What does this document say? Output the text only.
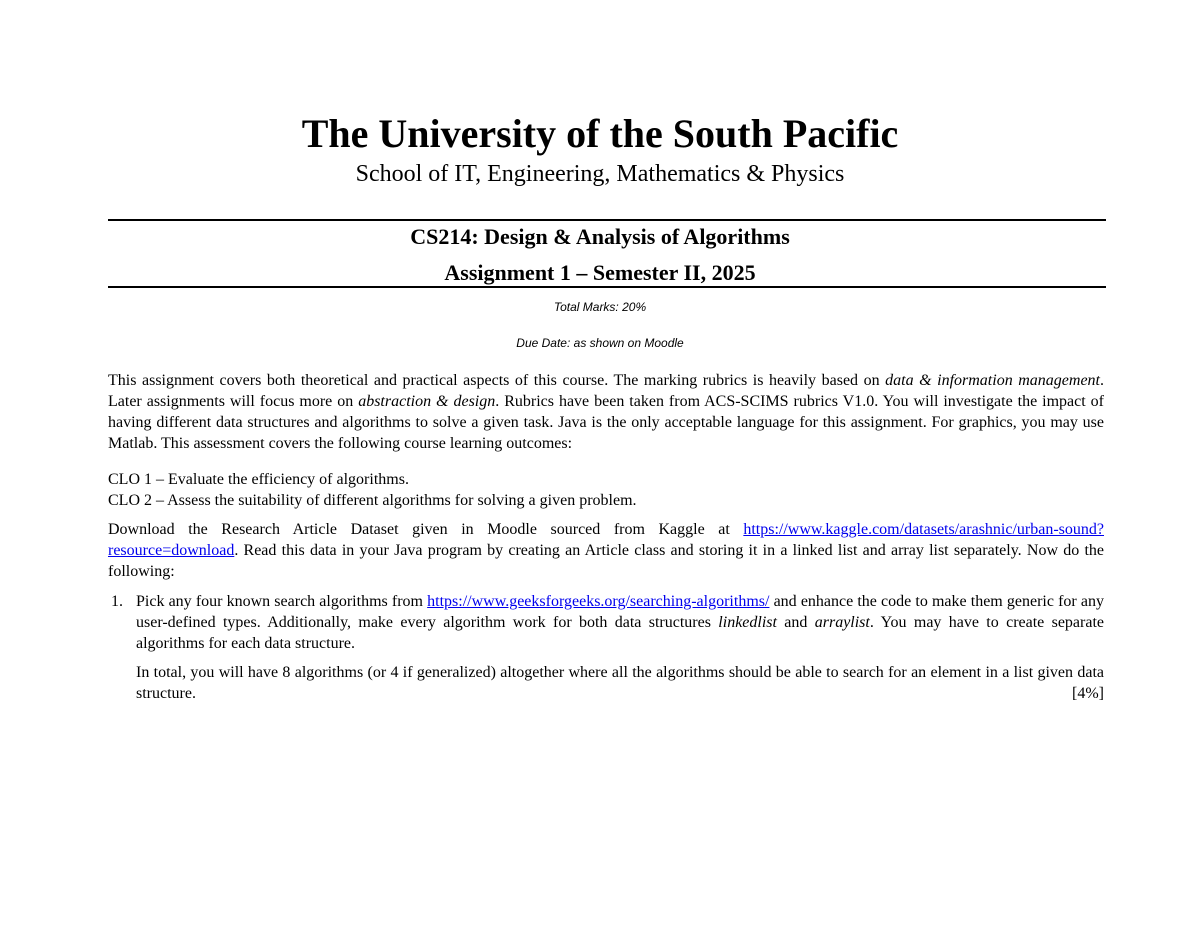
The University of the South Pacific
School of IT, Engineering, Mathematics & Physics
CS214: Design & Analysis of Algorithms
Assignment 1 – Semester II, 2025
Total Marks: 20%
Due Date: as shown on Moodle
This assignment covers both theoretical and practical aspects of this course. The marking rubrics is heavily based on data & information management. Later assignments will focus more on abstraction & design. Rubrics have been taken from ACS-SCIMS rubrics V1.0. You will investigate the impact of having different data structures and algorithms to solve a given task. Java is the only acceptable language for this assignment. For graphics, you may use Matlab. This assessment covers the following course learning outcomes:
CLO 1 – Evaluate the efficiency of algorithms.
CLO 2 – Assess the suitability of different algorithms for solving a given problem.
Download the Research Article Dataset given in Moodle sourced from Kaggle at https://www.kaggle.com/datasets/arashnic/urban-sound?resource=download. Read this data in your Java program by creating an Article class and storing it in a linked list and array list separately. Now do the following:
1. Pick any four known search algorithms from https://www.geeksforgeeks.org/searching-algorithms/ and enhance the code to make them generic for any user-defined types. Additionally, make every algorithm work for both data structures linkedlist and arraylist. You may have to create separate algorithms for each data structure.

In total, you will have 8 algorithms (or 4 if generalized) altogether where all the algorithms should be able to search for an element in a list given data structure.	[4%]
